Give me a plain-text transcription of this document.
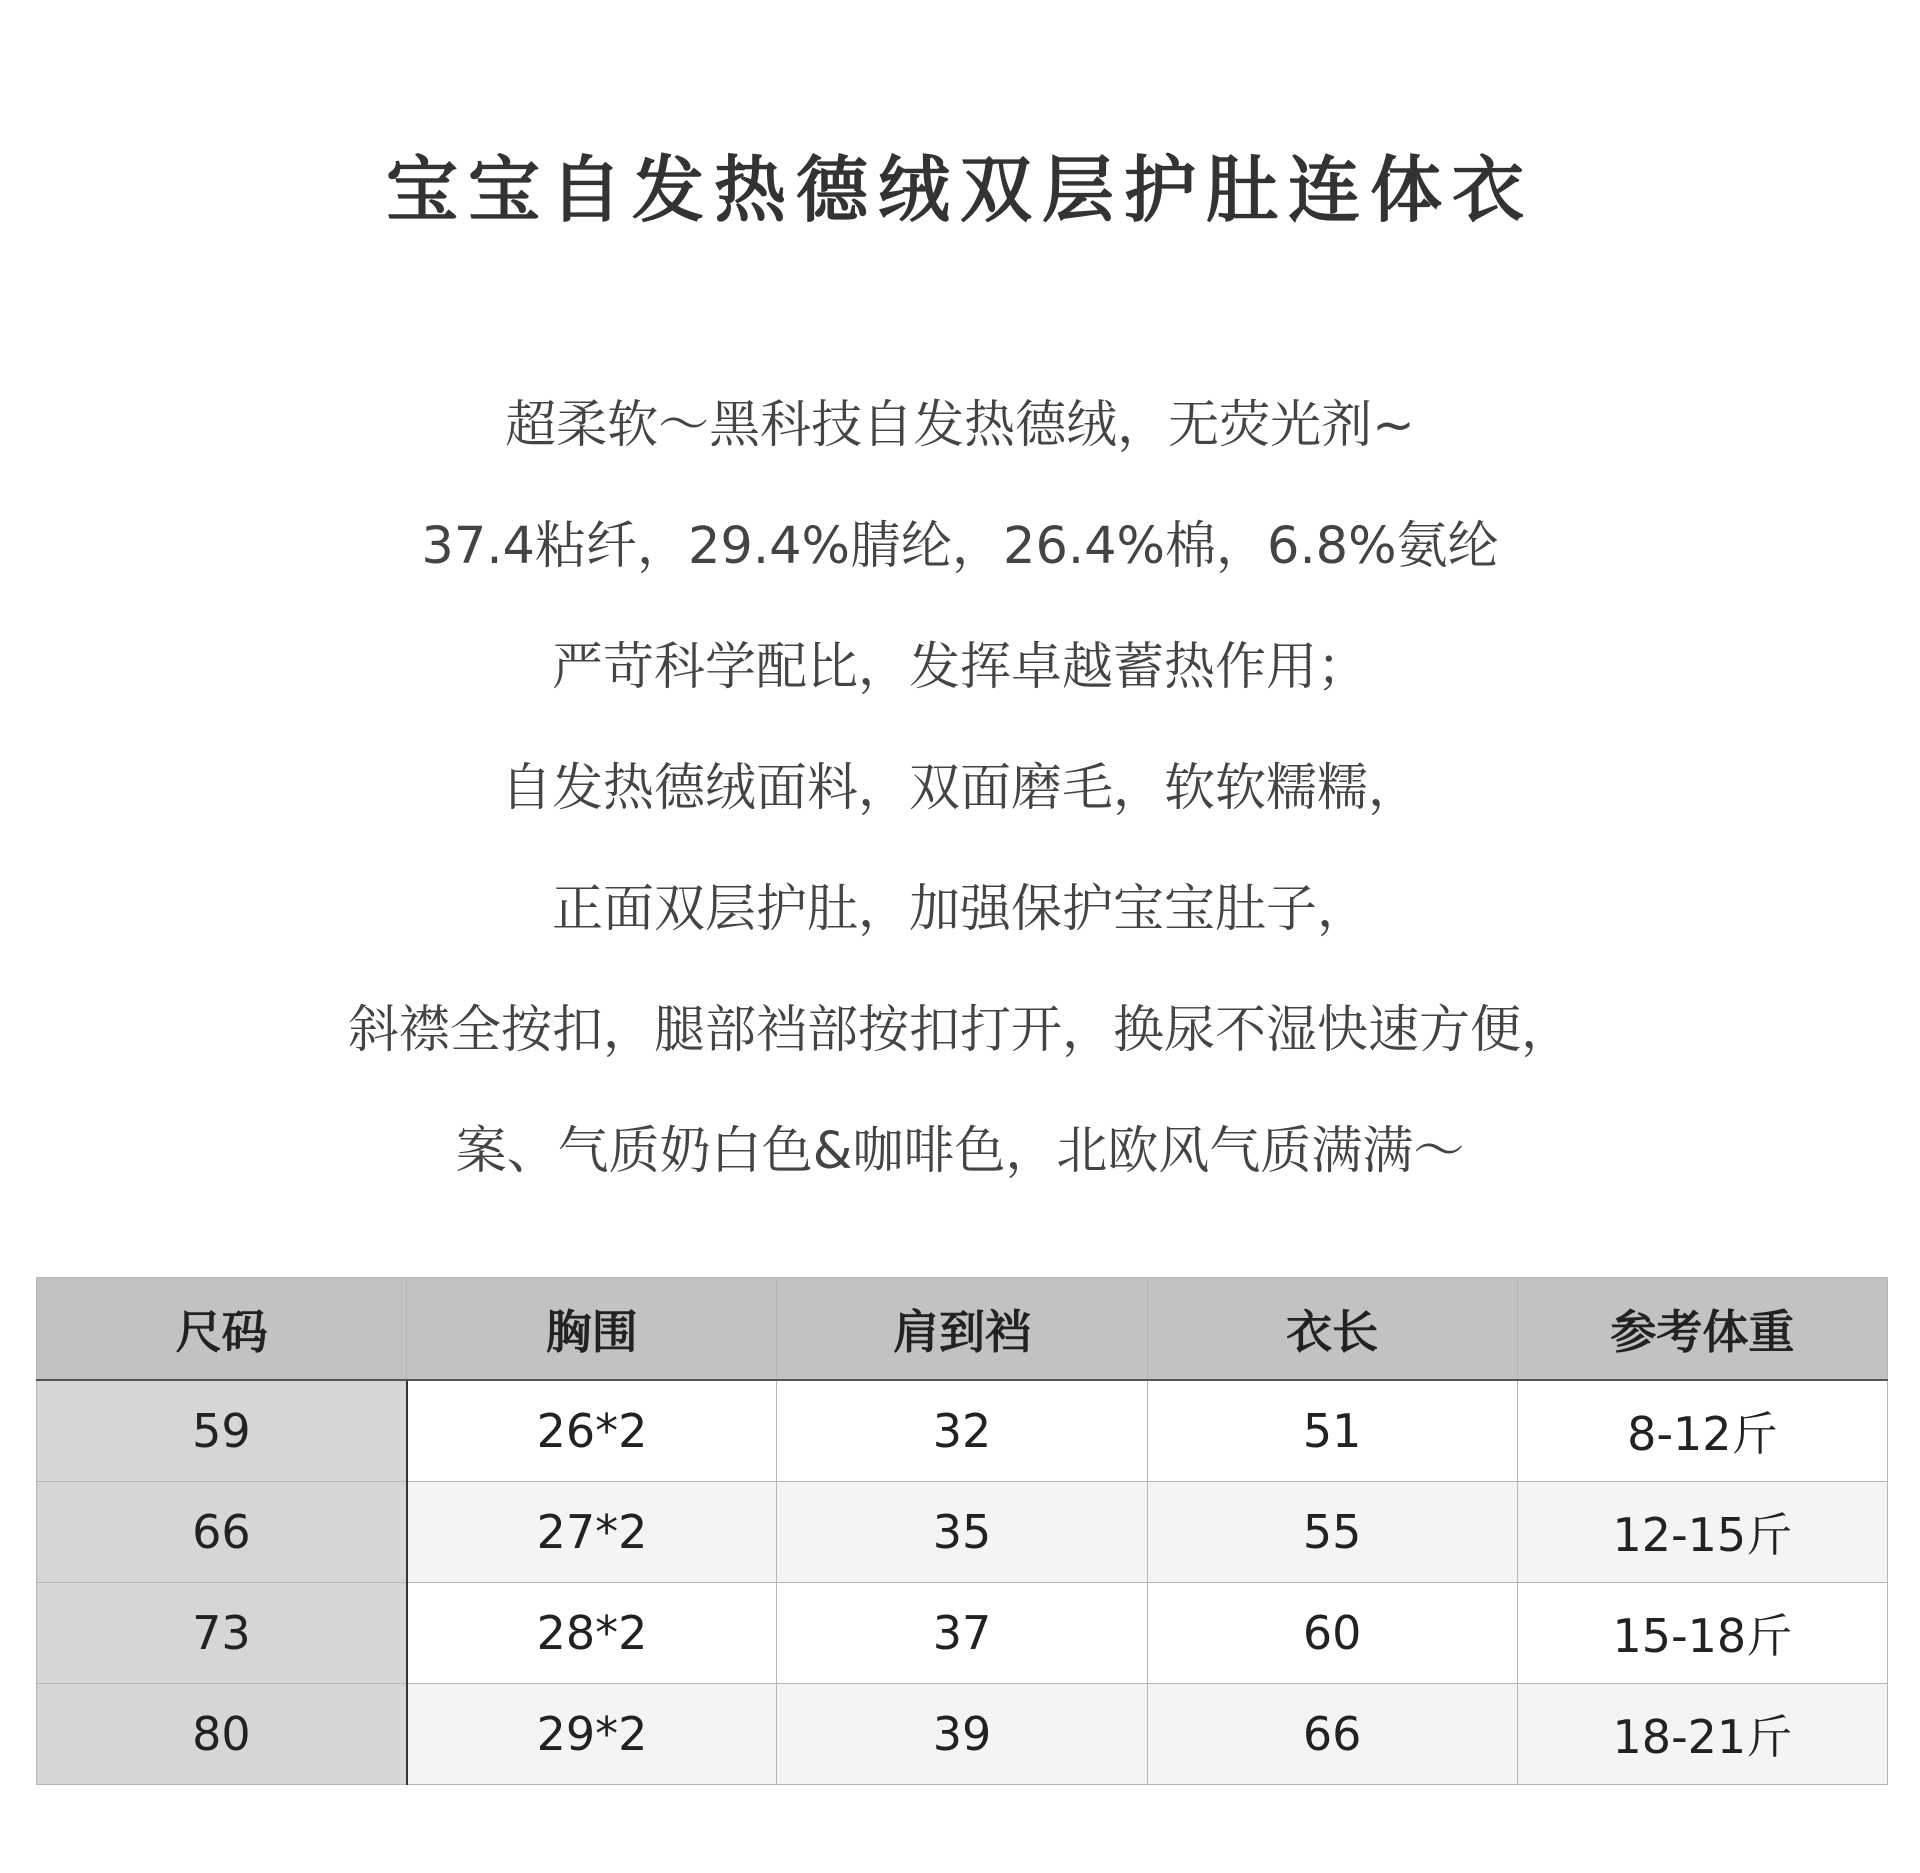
宝宝自发热德绒双层护肚连体衣
超柔软～黑科技自发热德绒，无荧光剂~
37.4粘纤，29.4%腈纶，26.4%棉，6.8%氨纶
严苛科学配比，发挥卓越蓄热作用；
自发热德绒面料，双面磨毛，软软糯糯，
正面双层护肚，加强保护宝宝肚子，
斜襟全按扣，腿部裆部按扣打开，换尿不湿快速方便，
案、气质奶白色&咖啡色，北欧风气质满满～
尺码	胸围	肩到裆	衣长	参考体重
59	26*2	32	51	8-12斤
66	27*2	35	55	12-15斤
73	28*2	37	60	15-18斤
80	29*2	39	66	18-21斤
